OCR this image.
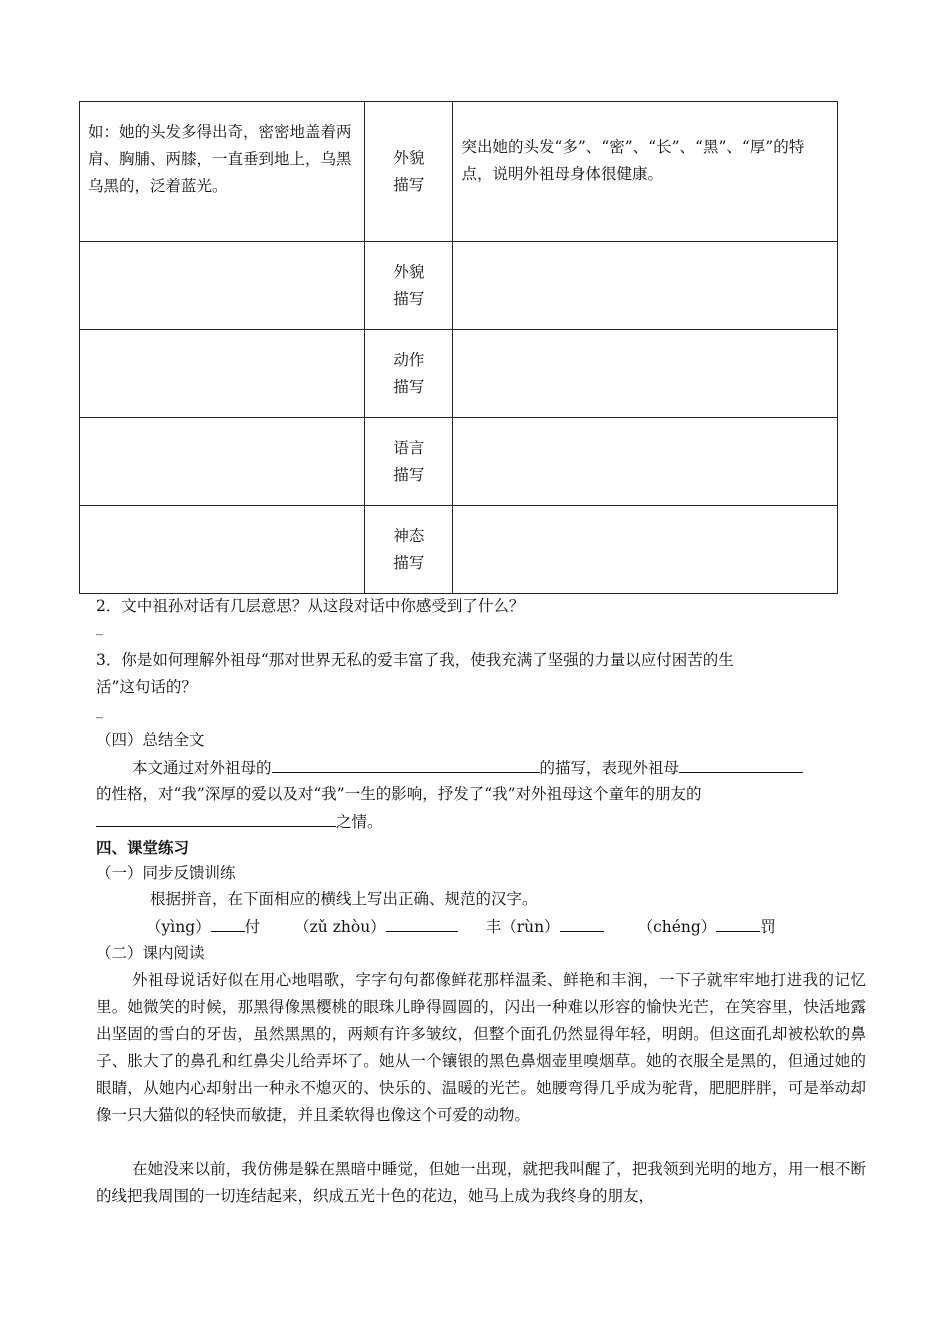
如：她的头发多得出奇，密密地盖着两肩、胸脯、两膝，一直垂到地上，乌黑乌黑的，泛着蓝光。	外貌描写	突出她的头发“多”、“密”、“长”、“黑”、“厚”的特点，说明外祖母身体很健康。

	外貌描写	

	动作描写	

	语言描写	

	神态描写	

2．文中祖孙对话有几层意思？从这段对话中你感受到了什么？
_
3．你是如何理解外祖母“那对世界无私的爱丰富了我，使我充满了坚强的力量以应付困苦的生
活”这句话的？
_
（四）总结全文
本文通过对外祖母的	的描写，表现外祖母
的性格，对“我”深厚的爱以及对“我”一生的影响，抒发了“我”对外祖母这个童年的朋友的
之情。
四、课堂练习
（一）同步反馈训练
根据拼音，在下面相应的横线上写出正确、规范的汉字。
（yìng） 付 （zǔ zhòu）	丰（rùn）	（chéng）	罚
（二）课内阅读
外祖母说话好似在用心地唱歌，字字句句都像鲜花那样温柔、鲜艳和丰润，一下子就牢牢地打进我的记忆里。她微笑的时候，那黑得像黑樱桃的眼珠儿睁得圆圆的，闪出一种难以形容的愉快光芒，在笑容里，快活地露出坚固的雪白的牙齿，虽然黑黑的，两颊有许多皱纹，但整个面孔仍然显得年轻，明朗。但这面孔却被松软的鼻子、胀大了的鼻孔和红鼻尖儿给弄坏了。她从一个镶银的黑色鼻烟壶里嗅烟草。她的衣服全是黑的，但通过她的眼睛，从她内心却射出一种永不熄灭的、快乐的、温暖的光芒。她腰弯得几乎成为驼背，肥肥胖胖，可是举动却像一只大猫似的轻快而敏捷，并且柔软得也像这个可爱的动物。
在她没来以前，我仿佛是躲在黑暗中睡觉，但她一出现，就把我叫醒了，把我领到光明的地方，用一根不断的线把我周围的一切连结起来，织成五光十色的花边，她马上成为我终身的朋友，
